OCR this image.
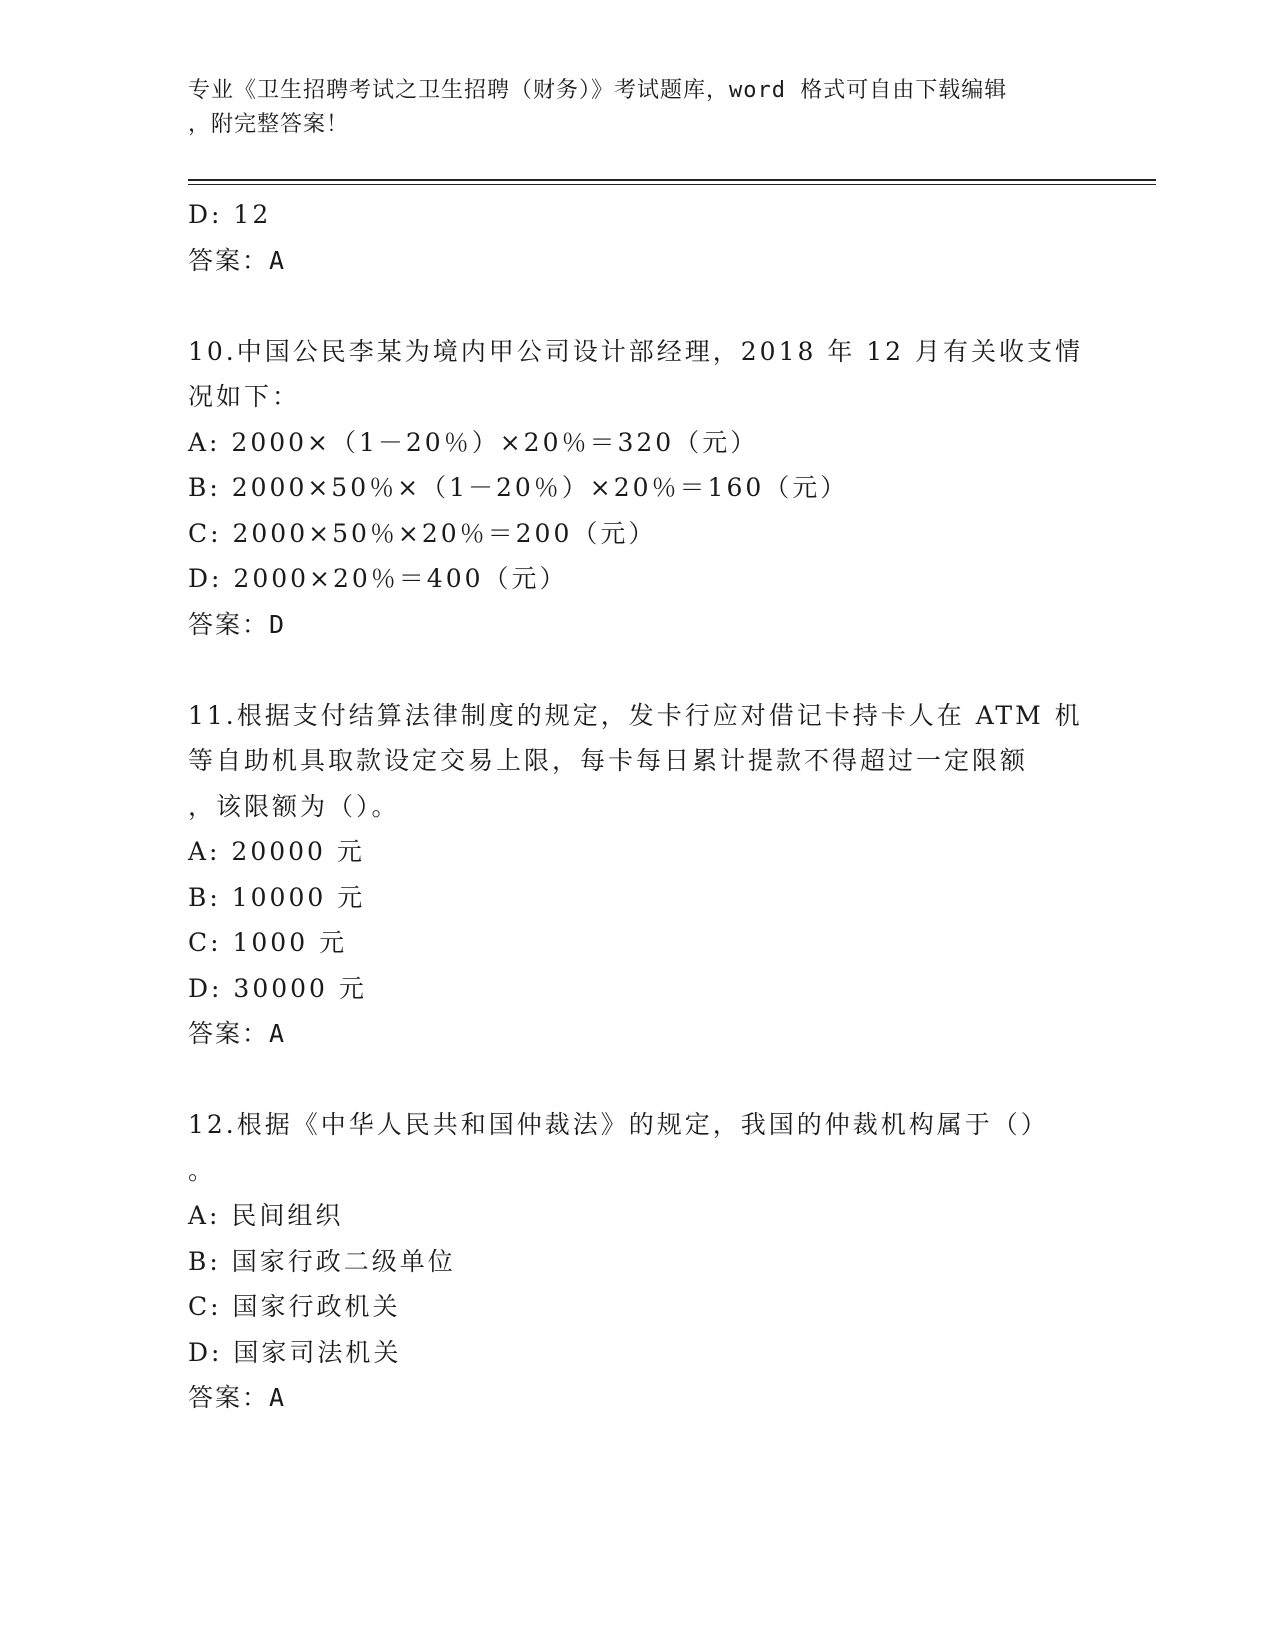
专业《卫生招聘考试之卫生招聘（财务）》考试题库，word 格式可自由下载编辑
，附完整答案！
D: 12
答案：A
10.中国公民李某为境内甲公司设计部经理，2018 年 12 月有关收支情
况如下：
A: 2000×（1－20％）×20％＝320（元）
B: 2000×50％×（1－20％）×20％＝160（元）
C: 2000×50％×20％＝200（元）
D: 2000×20％＝400（元）
答案：D
11.根据支付结算法律制度的规定，发卡行应对借记卡持卡人在 ATM 机
等自助机具取款设定交易上限，每卡每日累计提款不得超过一定限额
，该限额为（）。
A: 20000 元
B: 10000 元
C: 1000 元
D: 30000 元
答案：A
12.根据《中华人民共和国仲裁法》的规定，我国的仲裁机构属于（）
。
A: 民间组织
B: 国家行政二级单位
C: 国家行政机关
D: 国家司法机关
答案：A
